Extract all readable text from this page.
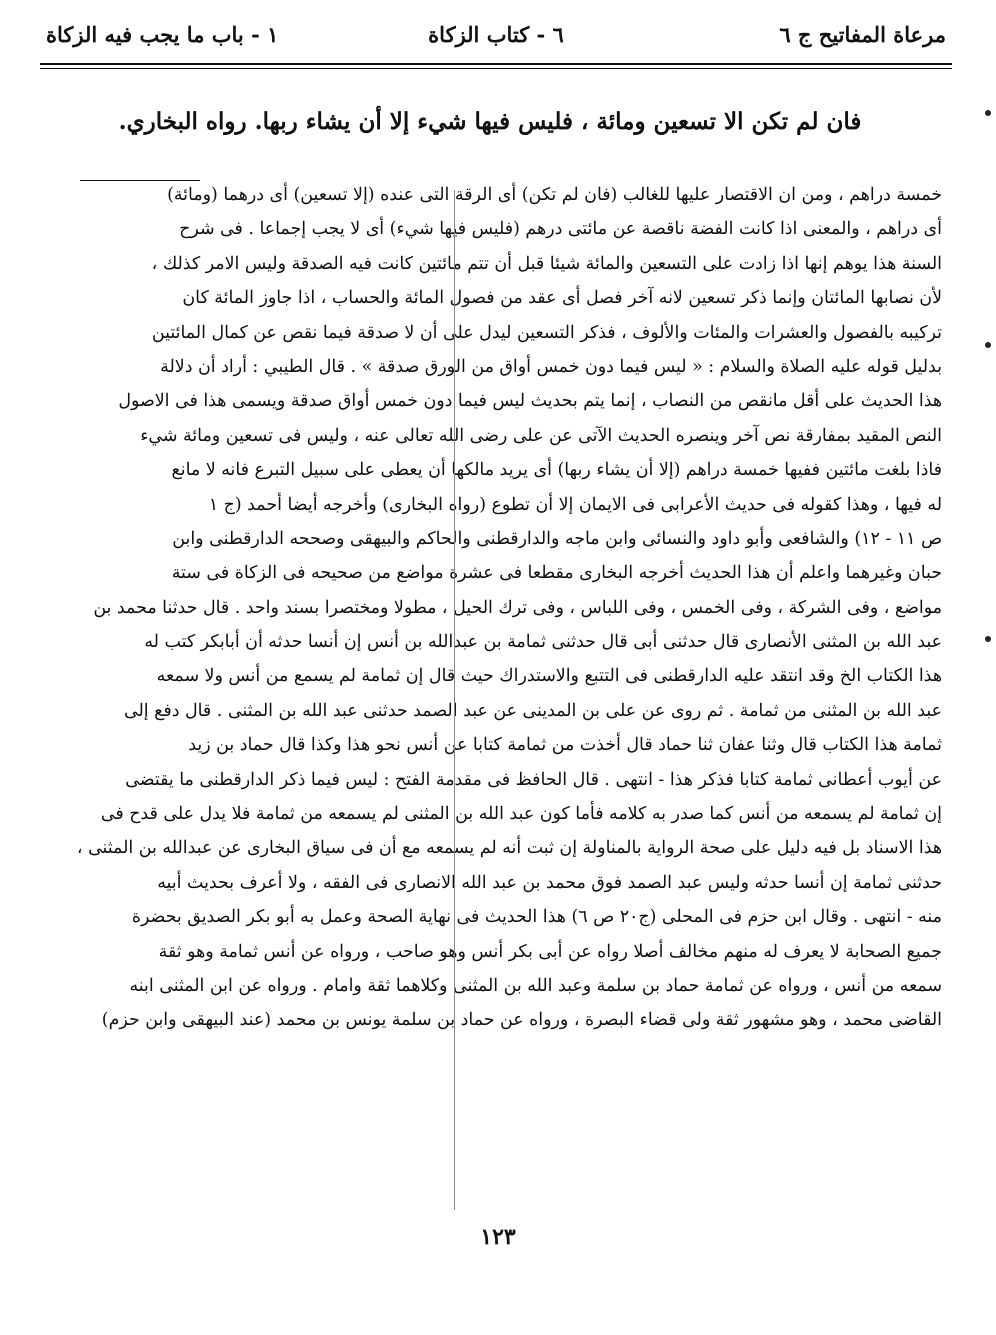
مرعاة المفاتيح ج ٦
٦ - كتاب الزكاة
١ - باب ما يجب فيه الزكاة
فان لم تكن الا تسعين ومائة ، فليس فيها شيء إلا أن يشاء ربها. رواه البخاري.
خمسة دراهم ، ومن ان الاقتصار عليها للغالب (فان لم تكن) أى الرقة التى عنده (إلا تسعين) أى درهما (ومائة)
أى دراهم ، والمعنى اذا كانت الفضة ناقصة عن مائتى درهم (فليس فيها شيء) أى لا يجب إجماعا . فى شرح
السنة هذا يوهم إنها اذا زادت على التسعين والمائة شيئا قبل أن تتم مائتين كانت فيه الصدقة وليس الامر كذلك ،
لأن نصابها المائتان وإنما ذكر تسعين لانه آخر فصل أى عقد من فصول المائة والحساب ، اذا جاوز المائة كان
تركيبه بالفصول والعشرات والمئات والألوف ، فذكر التسعين ليدل على أن لا صدقة فيما نقص عن كمال المائتين
بدليل قوله عليه الصلاة والسلام : « ليس فيما دون خمس أواق من الورق صدقة » . قال الطيبي : أراد أن دلالة
هذا الحديث على أقل مانقص من النصاب ، إنما يتم بحديث ليس فيما دون خمس أواق صدقة ويسمى هذا فى الاصول
النص المقيد بمفارقة نص آخر وينصره الحديث الآتى عن على رضى الله تعالى عنه ، وليس فى تسعين ومائة شيء
فاذا بلغت مائتين ففيها خمسة دراهم (إلا أن يشاء ربها) أى يريد مالكها أن يعطى على سبيل التبرع فانه لا مانع
له فيها ، وهذا كقوله فى حديث الأعرابى فى الايمان إلا أن تطوع (رواه البخارى) وأخرجه أيضا أحمد (ج ١
ص ١١ - ١٢) والشافعى وأبو داود والنسائى وابن ماجه والدارقطنى والحاكم والبيهقى وصححه الدارقطنى وابن
حبان وغيرهما واعلم أن هذا الحديث أخرجه البخارى مقطعا فى عشرة مواضع من صحيحه فى الزكاة فى ستة
مواضع ، وفى الشركة ، وفى الخمس ، وفى اللباس ، وفى ترك الحيل ، مطولا ومختصرا بسند واحد . قال حدثنا محمد بن
عبد الله بن المثنى الأنصارى قال حدثنى أبى قال حدثنى ثمامة بن عبدالله بن أنس إن أنسا حدثه أن أبابكر كتب له
هذا الكتاب الخ وقد انتقد عليه الدارقطنى فى التتبع والاستدراك حيث قال إن ثمامة لم يسمع من أنس ولا سمعه
عبد الله بن المثنى من ثمامة . ثم روى عن على بن المدينى عن عبد الصمد حدثنى عبد الله بن المثنى . قال دفع إلى
ثمامة هذا الكتاب قال وثنا عفان ثنا حماد قال أخذت من ثمامة كتابا عن أنس نحو هذا وكذا قال حماد بن زيد
عن أيوب أعطانى ثمامة كتابا فذكر هذا - انتهى . قال الحافظ فى مقدمة الفتح : ليس فيما ذكر الدارقطنى ما يقتضى
إن ثمامة لم يسمعه من أنس كما صدر به كلامه فأما كون عبد الله بن المثنى لم يسمعه من ثمامة فلا يدل على قدح فى
هذا الاسناد بل فيه دليل على صحة الرواية بالمناولة إن ثبت أنه لم يسمعه مع أن فى سياق البخارى عن عبدالله بن المثنى ،
حدثنى ثمامة إن أنسا حدثه وليس عبد الصمد فوق محمد بن عبد الله الانصارى فى الفقه ، ولا أعرف بحديث أبيه
منه - انتهى . وقال ابن حزم فى المحلى (ج٢٠ ص ٦) هذا الحديث فى نهاية الصحة وعمل به أبو بكر الصديق بحضرة
جميع الصحابة لا يعرف له منهم مخالف أصلا رواه عن أبى بكر أنس وهو صاحب ، ورواه عن أنس ثمامة وهو ثقة
سمعه من أنس ، ورواه عن ثمامة حماد بن سلمة وعبد الله بن المثنى وكلاهما ثقة وامام . ورواه عن ابن المثنى ابنه
القاضى محمد ، وهو مشهور ثقة ولى قضاء البصرة ، ورواه عن حماد بن سلمة يونس بن محمد (عند البيهقى وابن حزم)
١٢٣
